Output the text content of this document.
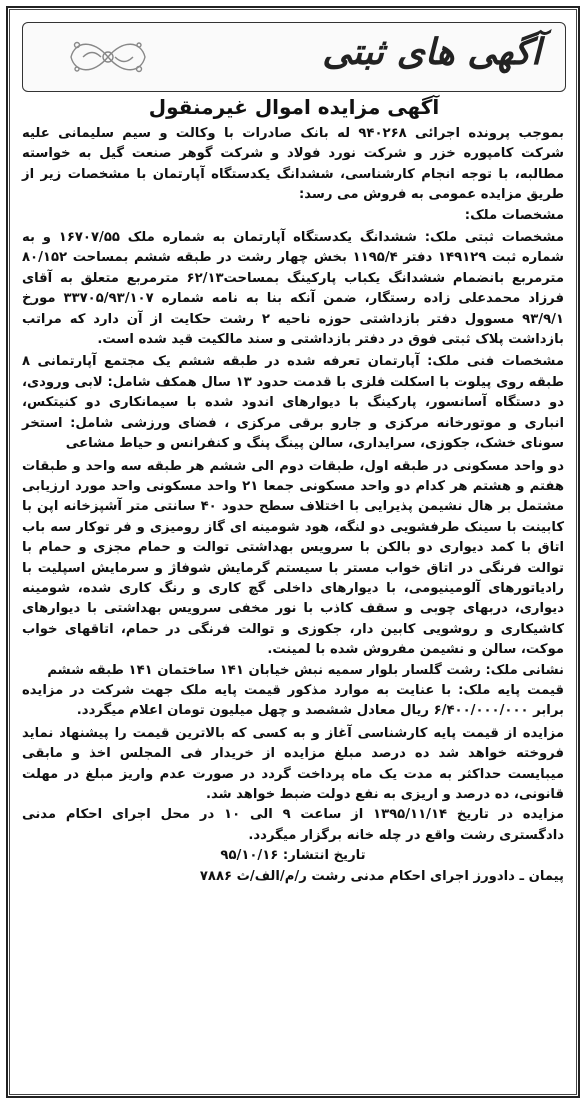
آگهی های ثبتی
آگهی مزایده اموال غیرمنقول

بموجب پرونده اجرائی ۹۴۰۲۶۸ له بانک صادرات با وکالت و سیم سلیمانی علیه شرکت کامپوره خزر و شرکت نورد فولاد و شرکت گوهر صنعت گیل به خواسته مطالبه، با توجه انجام کارشناسی، ششدانگ یکدستگاه آپارتمان با مشخصات زیر از طریق مزایده عمومی به فروش می رسد:

مشخصات ملک:

مشخصات ثبتی ملک: ششدانگ یکدستگاه آپارتمان به شماره ملک ۱۶۷۰۷/۵۵ و به شماره ثبت ۱۴۹۱۲۹ دفتر ۱۱۹۵/۴ بخش چهار رشت در طبقه ششم بمساحت ۸۰/۱۵۲ مترمربع بانضمام ششدانگ یکباب پارکینگ بمساحت۶۲/۱۳ مترمربع متعلق به آقای فرزاد محمدعلی زاده رستگار، ضمن آنکه بنا به نامه شماره ۳۳۷۰۵/۹۳/۱۰۷ مورخ ۹۳/۹/۱ مسوول دفتر بازداشتی حوزه ناحیه ۲ رشت حکایت از آن دارد که مراتب بازداشت پلاک ثبتی فوق در دفتر بازداشتی و سند مالکیت قید شده است.

مشخصات فنی ملک: آپارتمان تعرفه شده در طبقه ششم یک مجتمع آپارتمانی ۸ طبقه روی پیلوت با اسکلت فلزی با قدمت حدود ۱۳ سال همکف شامل: لابی ورودی، دو دستگاه آسانسور، پارکینگ با دیوارهای اندود شده با سیمانکاری دو کنیتکس، انباری و موتورخانه مرکزی و جارو برقی مرکزی ، فضای ورزشی شامل: استخر سونای خشک، جکوزی، سرایداری، سالن پینگ پنگ و کنفرانس و حیاط مشاعی

دو واحد مسکونی در طبقه اول، طبقات دوم الی ششم هر طبقه سه واحد و طبقات هفتم و هشتم هر کدام دو واحد مسکونی جمعا ۲۱ واحد مسکونی واحد مورد ارزیابی مشتمل بر هال نشیمن پذیرایی با اختلاف سطح حدود ۴۰ سانتی متر آشپزخانه اپن با کابینت با سینک طرفشویی دو لنگه، هود شومینه ای گاز رومیزی و فر توکار سه باب اتاق با کمد دیواری دو بالکن با سرویس بهداشتی توالت و حمام مجزی و حمام با توالت فرنگی در اتاق خواب مستر با سیستم گرمایش شوفاژ و سرمایش اسپلیت با رادیاتورهای آلومینیومی، با دیوارهای داخلی گچ کاری و رنگ کاری شده، شومینه دیواری، دربهای چوبی و سقف کاذب با نور مخفی سرویس بهداشتی با دیوارهای کاشیکاری و روشویی کابین دار، جکوزی و توالت فرنگی در حمام، اتاقهای خواب موکت، سالن و نشیمن مفروش شده با لمینت.

نشانی ملک: رشت گلسار بلوار سمیه نبش خیابان ۱۴۱ ساختمان ۱۴۱ طبقه ششم

قیمت پایه ملک: با عنایت به موارد مذکور قیمت پایه ملک جهت شرکت در مزایده برابر ۶/۴۰۰/۰۰۰/۰۰۰ ریال معادل ششصد و چهل میلیون تومان اعلام میگردد.

مزایده از قیمت پایه کارشناسی آغاز و به کسی که بالاترین قیمت را پیشنهاد نماید فروخته خواهد شد ده درصد مبلغ مزایده از خریدار فی المجلس اخذ و مابقی میبایست حداکثر به مدت یک ماه پرداخت گردد در صورت عدم واریز مبلغ در مهلت قانونی، ده درصد و اریزی به نفع دولت ضبط خواهد شد.

مزایده در تاریخ ۱۳۹۵/۱۱/۱۴ از ساعت ۹ الی ۱۰ در محل اجرای احکام مدنی دادگستری رشت واقع در چله خانه برگزار میگردد.

تاریخ انتشار: ۹۵/۱۰/۱۶

پیمان ـ دادورز اجرای احکام مدنی رشت ر/م/الف/ث ۷۸۸۶
